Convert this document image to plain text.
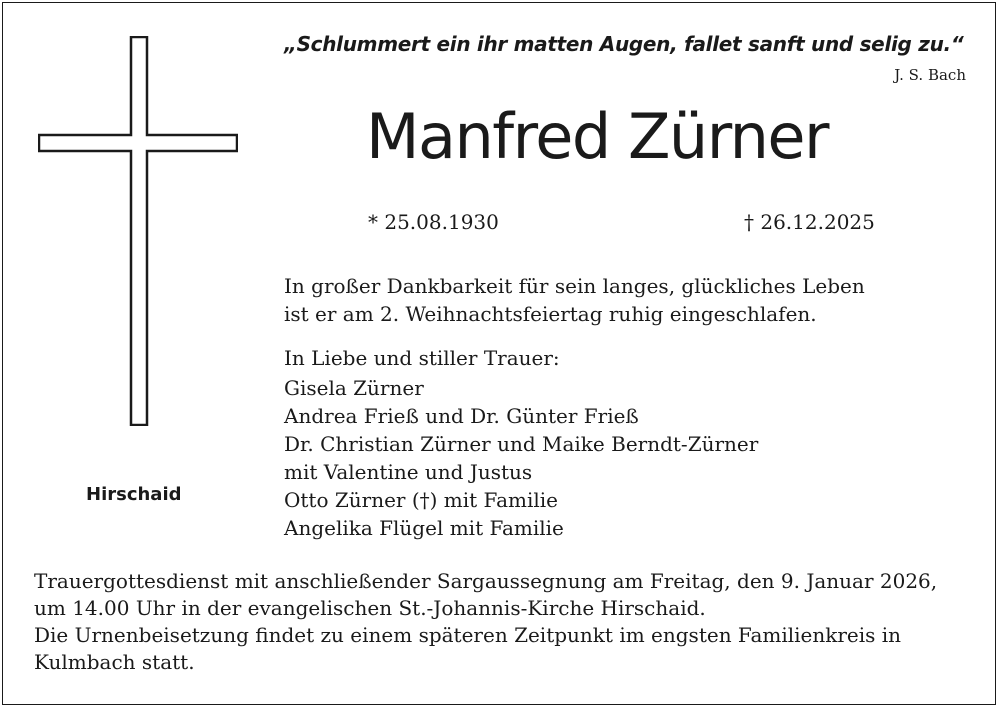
„Schlummert ein ihr matten Augen, fallet sanft und selig zu.“
J. S. Bach
Manfred Zürner
* 25.08.1930	† 26.12.2025
In großer Dankbarkeit für sein langes, glückliches Leben
ist er am 2. Weihnachtsfeiertag ruhig eingeschlafen.
In Liebe und stiller Trauer:
Gisela Zürner
Andrea Frieß und Dr. Günter Frieß
Dr. Christian Zürner und Maike Berndt-Zürner
mit Valentine und Justus
Otto Zürner (†) mit Familie
Angelika Flügel mit Familie
Hirschaid
Trauergottesdienst mit anschließender Sargaussegnung am Freitag, den 9. Januar 2026,
um 14.00 Uhr in der evangelischen St.-Johannis-Kirche Hirschaid.
Die Urnenbeisetzung findet zu einem späteren Zeitpunkt im engsten Familienkreis in
Kulmbach statt.
